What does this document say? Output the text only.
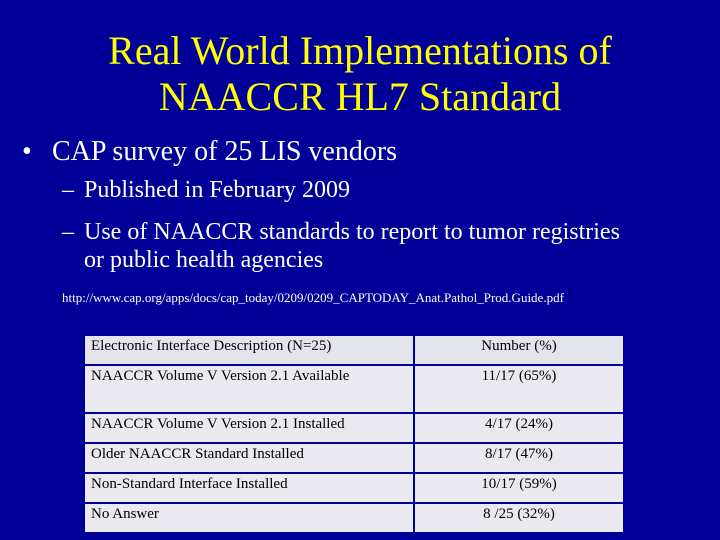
Real World Implementations of
NAACCR HL7 Standard
• CAP survey of 25 LIS vendors
– Published in February 2009
– Use of NAACCR standards to report to tumor registries
or public health agencies
http://www.cap.org/apps/docs/cap_today/0209/0209_CAPTODAY_Anat.Pathol_Prod.Guide.pdf
Electronic Interface Description (N=25)	Number (%)
NAACCR Volume V Version 2.1 Available	11/17 (65%)
NAACCR Volume V Version 2.1 Installed	4/17 (24%)
Older NAACCR Standard Installed	8/17 (47%)
Non-Standard Interface Installed	10/17 (59%)
No Answer	8 /25 (32%)
